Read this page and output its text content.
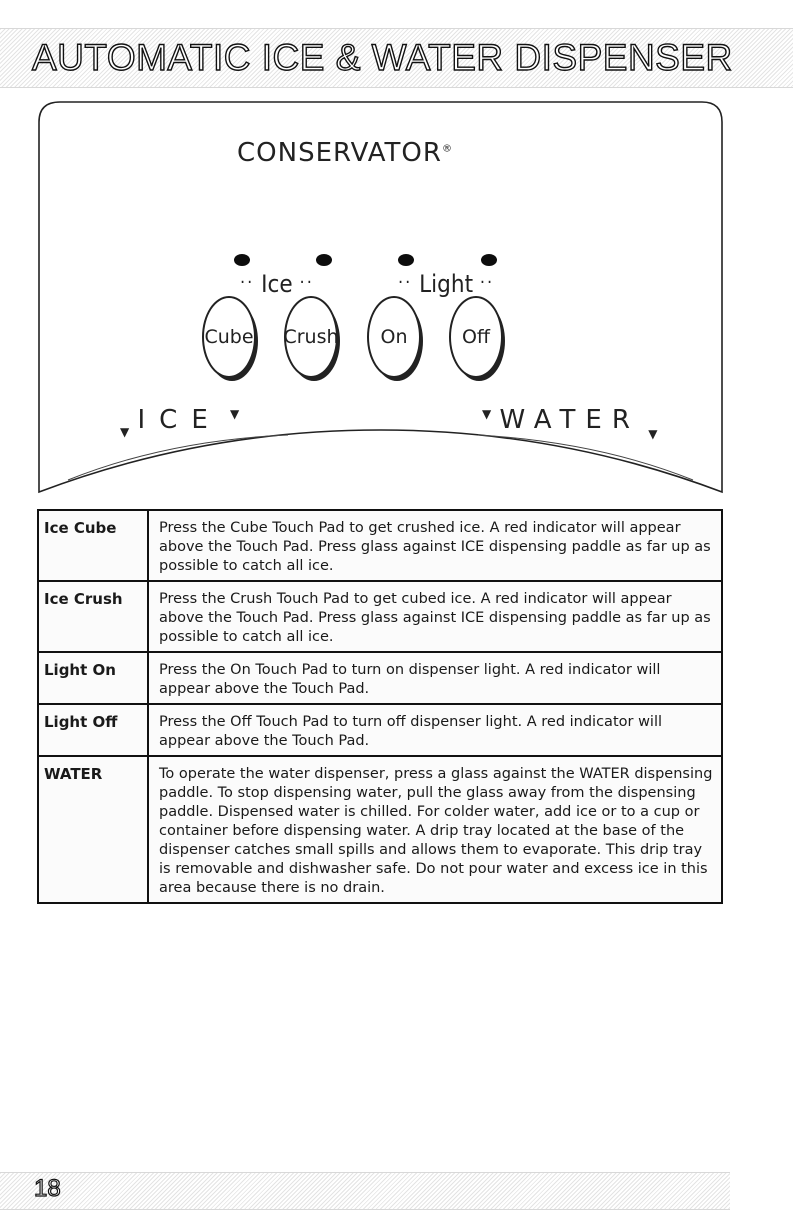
AUTOMATIC ICE & WATER DISPENSER
CONSERVATOR®
·· Ice ··	·· Light ··
Cube Crush	On	Off
▼ ICE ▼	▼ WATER ▼
Ice Cube	Press the Cube Touch Pad to get crushed ice. A red indicator will appear above the Touch Pad. Press glass against ICE dispensing paddle as far up as possible to catch all ice.
Ice Crush	Press the Crush Touch Pad to get cubed ice. A red indicator will appear above the Touch Pad. Press glass against ICE dispensing paddle as far up as possible to catch all ice.
Light On	Press the On Touch Pad to turn on dispenser light. A red indicator will appear above the Touch Pad.
Light Off	Press the Off Touch Pad to turn off dispenser light. A red indicator will appear above the Touch Pad.
WATER	To operate the water dispenser, press a glass against the WATER dispensing paddle. To stop dispensing water, pull the glass away from the dispensing paddle. Dispensed water is chilled. For colder water, add ice or to a cup or container before dispensing water. A drip tray located at the base of the dispenser catches small spills and allows them to evaporate. This drip tray is removable and dishwasher safe. Do not pour water and excess ice in this area because there is no drain.
18
